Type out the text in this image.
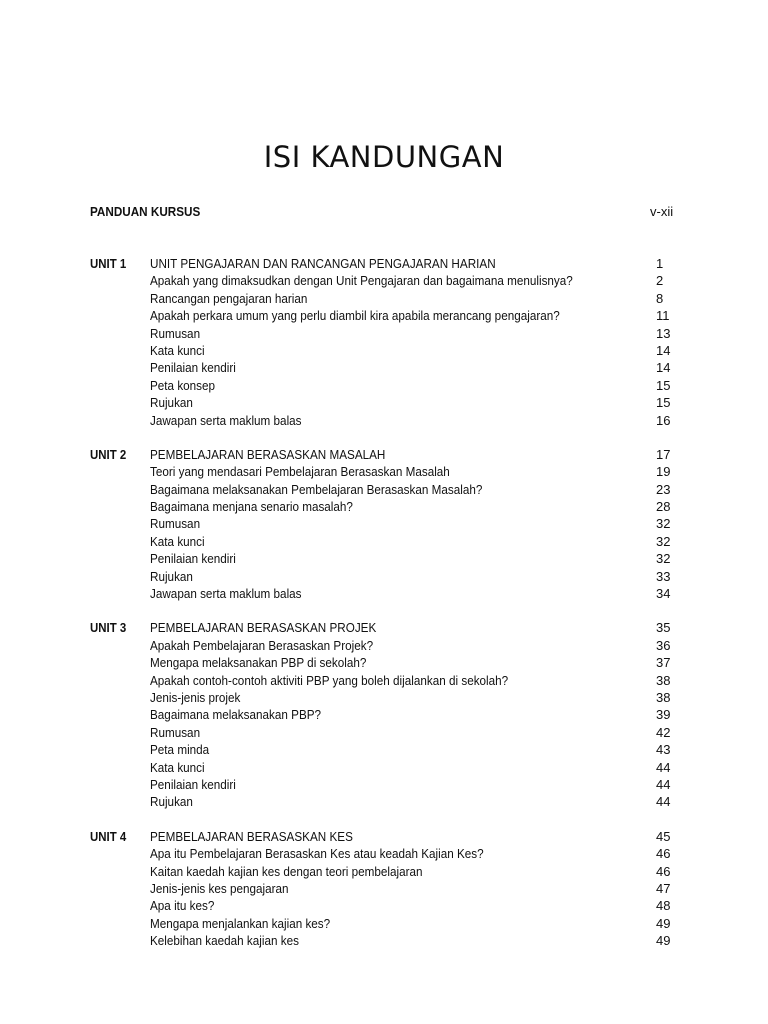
ISI KANDUNGAN
PANDUAN KURSUS	v-xii
UNIT 1 UNIT PENGAJARAN DAN RANCANGAN PENGAJARAN HARIAN	1
Apakah yang dimaksudkan dengan Unit Pengajaran dan bagaimana menulisnya?	2
Rancangan pengajaran harian	8
Apakah perkara umum yang perlu diambil kira apabila merancang pengajaran?	11
Rumusan	13
Kata kunci	14
Penilaian kendiri	14
Peta konsep	15
Rujukan	15
Jawapan serta maklum balas	16
UNIT 2 PEMBELAJARAN BERASASKAN MASALAH	17
Teori yang mendasari Pembelajaran Berasaskan Masalah	19
Bagaimana melaksanakan Pembelajaran Berasaskan Masalah?	23
Bagaimana menjana senario masalah?	28
Rumusan	32
Kata kunci	32
Penilaian kendiri	32
Rujukan	33
Jawapan serta maklum balas	34
UNIT 3 PEMBELAJARAN BERASASKAN PROJEK	35
Apakah Pembelajaran Berasaskan Projek?	36
Mengapa melaksanakan PBP di sekolah?	37
Apakah contoh-contoh aktiviti PBP yang boleh dijalankan di sekolah?	38
Jenis-jenis projek	38
Bagaimana melaksanakan PBP?	39
Rumusan	42
Peta minda	43
Kata kunci	44
Penilaian kendiri	44
Rujukan	44
UNIT 4 PEMBELAJARAN BERASASKAN KES	45
Apa itu Pembelajaran Berasaskan Kes atau keadah Kajian Kes?	46
Kaitan kaedah kajian kes dengan teori pembelajaran	46
Jenis-jenis kes pengajaran	47
Apa itu kes?	48
Mengapa menjalankan kajian kes?	49
Kelebihan kaedah kajian kes	49
